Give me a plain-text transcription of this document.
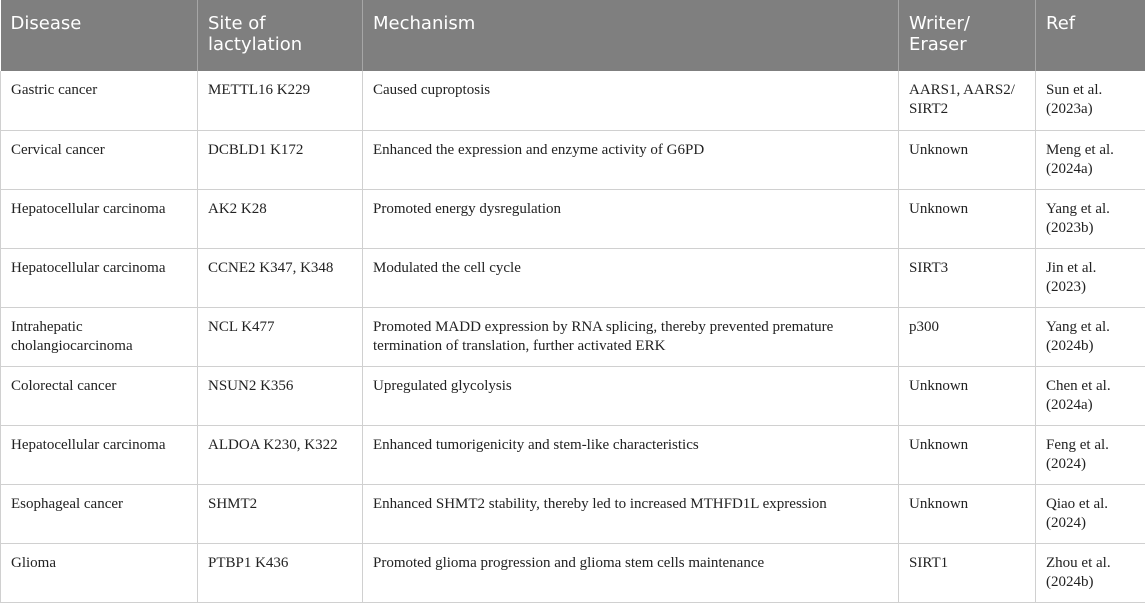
Disease	Site of lactylation	Mechanism	Writer/ Eraser	Ref
Gastric cancer	METTL16 K229	Caused cuproptosis	AARS1, AARS2/ SIRT2	Sun et al. (2023a)
Cervical cancer	DCBLD1 K172	Enhanced the expression and enzyme activity of G6PD	Unknown	Meng et al. (2024a)
Hepatocellular carcinoma	AK2 K28	Promoted energy dysregulation	Unknown	Yang et al. (2023b)
Hepatocellular carcinoma	CCNE2 K347, K348	Modulated the cell cycle	SIRT3	Jin et al. (2023)
Intrahepatic cholangiocarcinoma	NCL K477	Promoted MADD expression by RNA splicing, thereby prevented premature termination of translation, further activated ERK	p300	Yang et al. (2024b)
Colorectal cancer	NSUN2 K356	Upregulated glycolysis	Unknown	Chen et al. (2024a)
Hepatocellular carcinoma	ALDOA K230, K322	Enhanced tumorigenicity and stem-like characteristics	Unknown	Feng et al. (2024)
Esophageal cancer	SHMT2	Enhanced SHMT2 stability, thereby led to increased MTHFD1L expression	Unknown	Qiao et al. (2024)
Glioma	PTBP1 K436	Promoted glioma progression and glioma stem cells maintenance	SIRT1	Zhou et al. (2024b)
